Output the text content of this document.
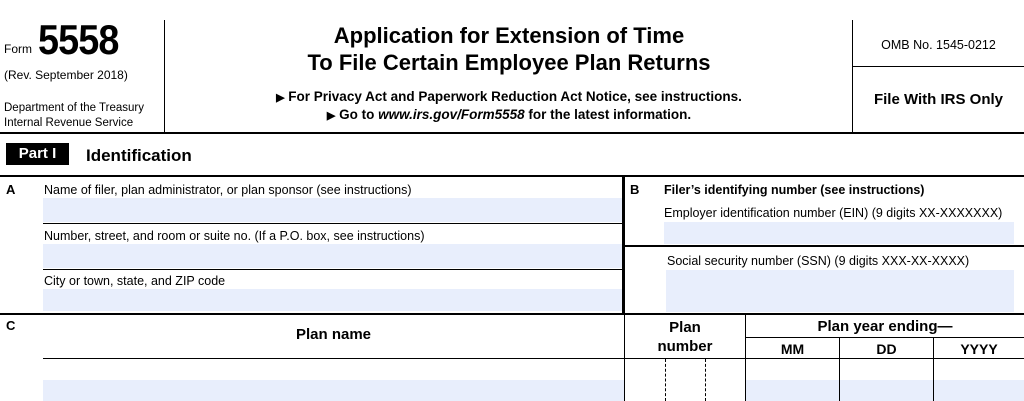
Form 5558
(Rev. September 2018)
Department of the Treasury
Internal Revenue Service
Application for Extension of Time
To File Certain Employee Plan Returns
▶ For Privacy Act and Paperwork Reduction Act Notice, see instructions.
▶ Go to www.irs.gov/Form5558 for the latest information.
OMB No. 1545-0212
File With IRS Only
Part I	Identification
A Name of filer, plan administrator, or plan sponsor (see instructions)
Number, street, and room or suite no. (If a P.O. box, see instructions)
City or town, state, and ZIP code
B Filer’s identifying number (see instructions)
Employer identification number (EIN) (9 digits XX-XXXXXXX)
Social security number (SSN) (9 digits XXX-XX-XXXX)
C
Plan name	Plan
number
Plan year ending—
MM	DD	YYYY
